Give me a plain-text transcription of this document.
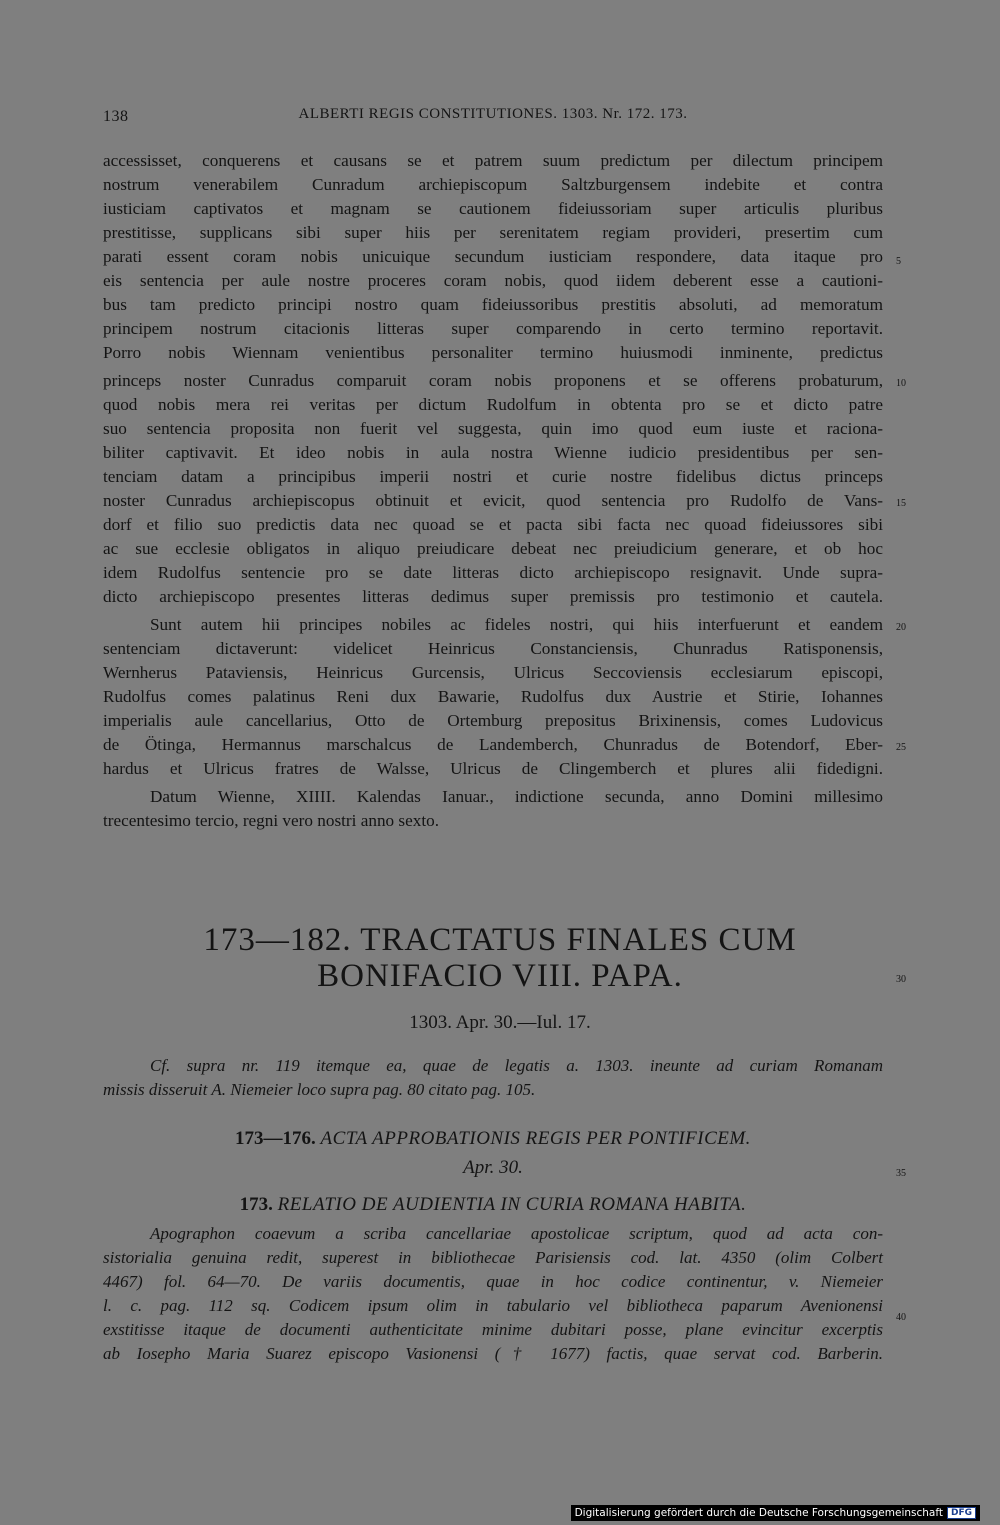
138	ALBERTI REGIS CONSTITUTIONES. 1303. Nr. 172. 173.
accessisset, conquerens et causans se et patrem suum predictum per dilectum principem
nostrum venerabilem Cunradum archiepiscopum Saltzburgensem indebite et contra
iusticiam captivatos et magnam se cautionem fideiussoriam super articulis pluribus
prestitisse, supplicans sibi super hiis per serenitatem regiam provideri, presertim cum
parati essent coram nobis unicuique secundum iusticiam respondere, data itaque pro
eis sentencia per aule nostre proceres coram nobis, quod iidem deberent esse a cautioni-
bus tam predicto principi nostro quam fideiussoribus prestitis absoluti, ad memoratum
principem nostrum citacionis litteras super comparendo in certo termino reportavit.
Porro nobis Wiennam venientibus personaliter termino huiusmodi inminente, predictus
princeps noster Cunradus comparuit coram nobis proponens et se offerens probaturum,
quod nobis mera rei veritas per dictum Rudolfum in obtenta pro se et dicto patre
suo sentencia proposita non fuerit vel suggesta, quin imo quod eum iuste et raciona-
biliter captivavit. Et ideo nobis in aula nostra Wienne iudicio presidentibus per sen-
tenciam datam a principibus imperii nostri et curie nostre fidelibus dictus princeps
noster Cunradus archiepiscopus obtinuit et evicit, quod sentencia pro Rudolfo de Vans-
dorf et filio suo predictis data nec quoad se et pacta sibi facta nec quoad fideiussores sibi
ac sue ecclesie obligatos in aliquo preiudicare debeat nec preiudicium generare, et ob hoc
idem Rudolfus sentencie pro se date litteras dicto archiepiscopo resignavit. Unde supra-
dicto archiepiscopo presentes litteras dedimus super premissis pro testimonio et cautela.
Sunt autem hii principes nobiles ac fideles nostri, qui hiis interfuerunt et eandem
sentenciam dictaverunt: videlicet Heinricus Constanciensis, Chunradus Ratisponensis,
Wernherus Pataviensis, Heinricus Gurcensis, Ulricus Seccoviensis ecclesiarum episcopi,
Rudolfus comes palatinus Reni dux Bawarie, Rudolfus dux Austrie et Stirie, Iohannes
imperialis aule cancellarius, Otto de Ortemburg prepositus Brixinensis, comes Ludovicus
de Ötinga, Hermannus marschalcus de Landemberch, Chunradus de Botendorf, Eber-
hardus et Ulricus fratres de Walsse, Ulricus de Clingemberch et plures alii fidedigni.
Datum Wienne, XIIII. Kalendas Ianuar., indictione secunda, anno Domini millesimo
trecentesimo tercio, regni vero nostri anno sexto.
5
10
15
20
25
30
35
40
173—182. TRACTATUS FINALES CUM
BONIFACIO VIII. PAPA.
1303. Apr. 30.—Iul. 17.
Cf. supra nr. 119 itemque ea, quae de legatis a. 1303. ineunte ad curiam Romanam
missis disseruit A. Niemeier loco supra pag. 80 citato pag. 105.
173—176. ACTA APPROBATIONIS REGIS PER PONTIFICEM.
Apr. 30.
173. RELATIO DE AUDIENTIA IN CURIA ROMANA HABITA.
Apographon coaevum a scriba cancellariae apostolicae scriptum, quod ad acta con-
sistorialia genuina redit, superest in bibliothecae Parisiensis cod. lat. 4350 (olim Colbert
4467) fol. 64—70. De variis documentis, quae in hoc codice continentur, v. Niemeier
l. c. pag. 112 sq. Codicem ipsum olim in tabulario vel bibliotheca paparum Avenionensi
exstitisse itaque de documenti authenticitate minime dubitari posse, plane evincitur excerptis
ab Iosepho Maria Suarez episcopo Vasionensi († 1677) factis, quae servat cod. Barberin.
Digitalisierung gefördert durch die Deutsche Forschungsgemeinschaft DFG
